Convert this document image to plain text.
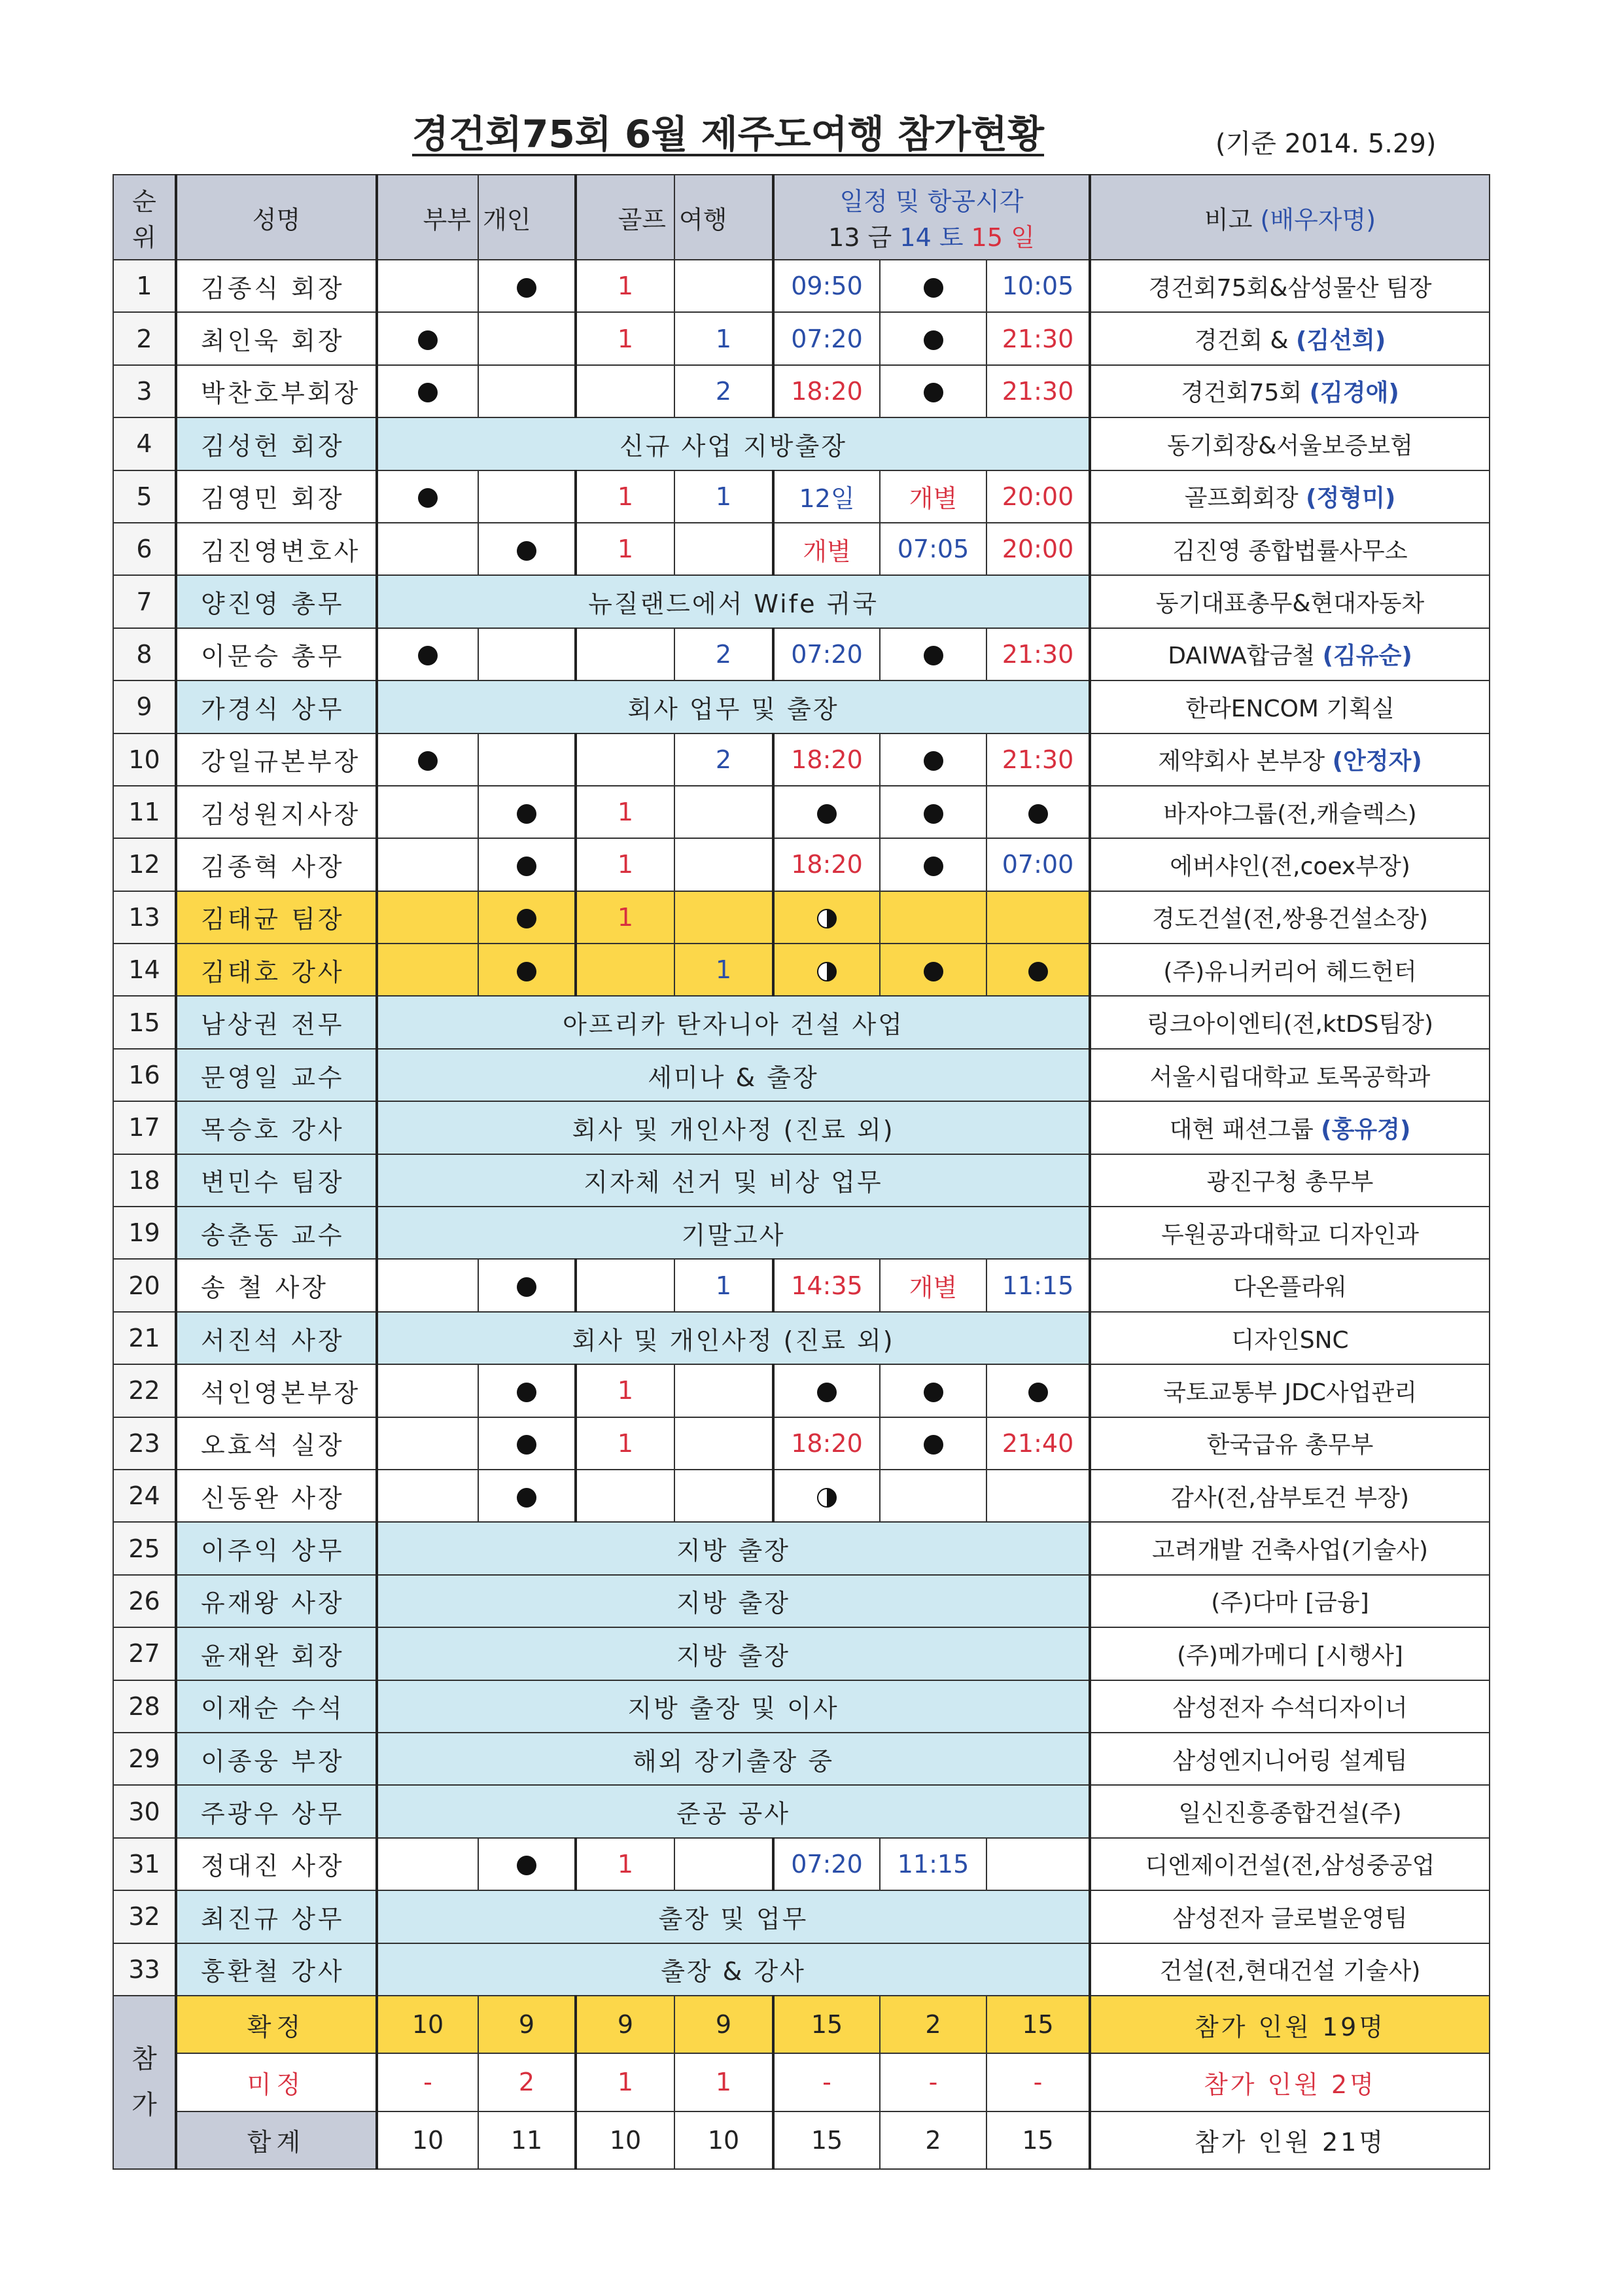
경건회75회 6월 제주도여행 참가현황	(기준 2014. 5.29)
순
위	성명	부부	개인	골프	여행	일정 및 항공시각
13 금 14 토 15 일			비고 (배우자명)
1	김종식 회장			1		09:50		10:05	경건회75회&삼성물산 팀장
2	최인욱 회장			1	1	07:20		21:30	경건회 & (김선희)
3	박찬호부회장				2	18:20		21:30	경건회75회 (김경애)
4	김성헌 회장	신규 사업 지방출장							동기회장&서울보증보험
5	김영민 회장			1	1	12일	개별	20:00	골프회회장 (정형미)
6	김진영변호사			1		개별	07:05	20:00	김진영 종합법률사무소
7	양진영 총무	뉴질랜드에서 Wife 귀국							동기대표총무&현대자동차
8	이문승 총무				2	07:20		21:30	DAIWA합금철 (김유순)
9	가경식 상무	회사 업무 및 출장							한라ENCOM 기획실
10	강일규본부장				2	18:20		21:30	제약회사 본부장 (안정자)
11	김성원지사장			1					바자야그룹(전,캐슬렉스)
12	김종혁 사장			1		18:20		07:00	에버샤인(전,coex부장)
13	김태균 팀장			1					경도건설(전,쌍용건설소장)
14	김태호 강사				1				(주)유니커리어 헤드헌터
15	남상권 전무	아프리카 탄자니아 건설 사업							링크아이엔티(전,ktDS팀장)
16	문영일 교수	세미나 & 출장							서울시립대학교 토목공학과
17	목승호 강사	회사 및 개인사정 (진료 외)							대현 패션그룹 (홍유경)
18	변민수 팀장	지자체 선거 및 비상 업무							광진구청 총무부
19	송춘동 교수	기말고사							두원공과대학교 디자인과
20	송 철 사장				1	14:35	개별	11:15	다온플라워
21	서진석 사장	회사 및 개인사정 (진료 외)							디자인SNC
22	석인영본부장			1					국토교통부 JDC사업관리
23	오효석 실장			1		18:20		21:40	한국급유 총무부
24	신동완 사장								감사(전,삼부토건 부장)
25	이주익 상무	지방 출장							고려개발 건축사업(기술사)
26	유재왕 사장	지방 출장							(주)다마 [금융]
27	윤재완 회장	지방 출장							(주)메가메디 [시행사]
28	이재순 수석	지방 출장 및 이사							삼성전자 수석디자이너
29	이종웅 부장	해외 장기출장 중							삼성엔지니어링 설계팀
30	주광우 상무	준공 공사							일신진흥종합건설(주)
31	정대진 사장			1		07:20	11:15		디엔제이건설(전,삼성중공업
32	최진규 상무	출장 및 업무							삼성전자 글로벌운영팀
33	홍환철 강사	출장 & 강사							건설(전,현대건설 기술사)
참
가	확정	10	9	9	9	15	2	15	참가 인원 19명
	미정	-	2	1	1	-	-	-	참가 인원 2명
	합계	10	11	10	10	15	2	15	참가 인원 21명
